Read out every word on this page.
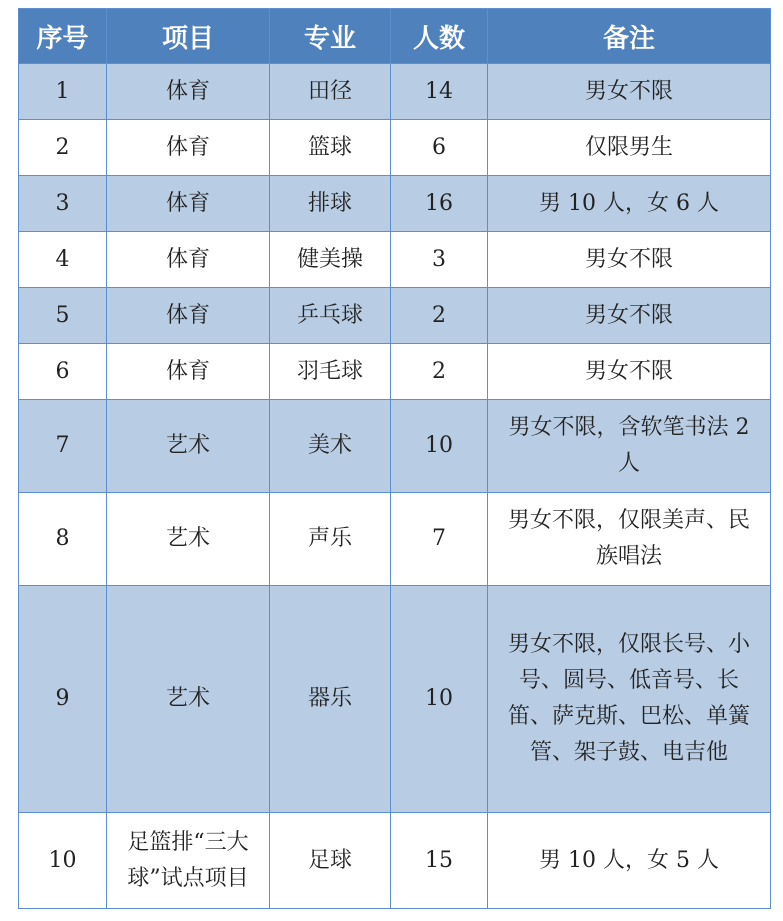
序号	项目	专业	人数	备注
1	体育	田径	14	男女不限
2	体育	篮球	6	仅限男生
3	体育	排球	16	男 10 人，女 6 人
4	体育	健美操	3	男女不限
5	体育	乒乓球	2	男女不限
6	体育	羽毛球	2	男女不限
7	艺术	美术	10	男女不限，含软笔书法 2 人
8	艺术	声乐	7	男女不限，仅限美声、民族唱法
9	艺术	器乐	10	男女不限，仅限长号、小号、圆号、低音号、长笛、萨克斯、巴松、单簧管、架子鼓、电吉他
10	足篮排“三大球”试点项目	足球	15	男 10 人，女 5 人
